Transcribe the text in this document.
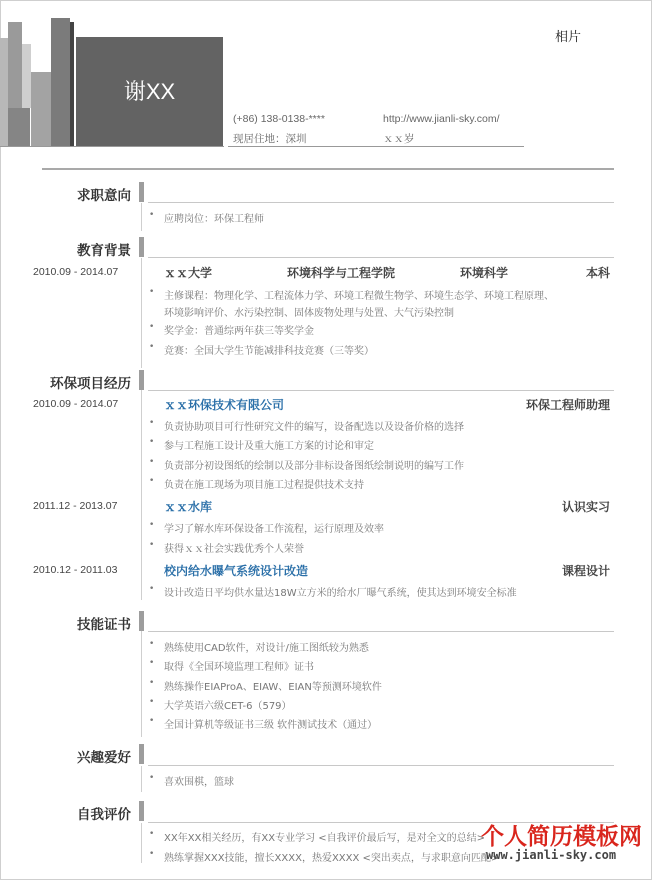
谢XX
(+86) 138-0138-****	http://www.jianli-sky.com/
现居住地：深圳	ｘｘ岁
相片
求职意向
• 应聘岗位：环保工程师
教育背景
2010.09 - 2014.07	ｘｘ大学	环境科学与工程学院	环境科学	本科
• 主修课程：物理化学、工程流体力学、环境工程微生物学、环境生态学、环境工程原理、
环境影响评价、水污染控制、固体废物处理与处置、大气污染控制
• 奖学金：普通综两年获三等奖学金
• 竞赛：全国大学生节能减排科技竞赛（三等奖）
环保项目经历
2010.09 - 2014.07	ｘｘ环保技术有限公司	环保工程师助理
• 负责协助项目可行性研究文件的编写，设备配选以及设备价格的选择
• 参与工程施工设计及重大施工方案的讨论和审定
• 负责部分初设图纸的绘制以及部分非标设备图纸绘制说明的编写工作
• 负责在施工现场为项目施工过程提供技术支持
2011.12 - 2013.07	ｘｘ水库	认识实习
• 学习了解水库环保设备工作流程，运行原理及效率
• 获得ｘｘ社会实践优秀个人荣誉
2010.12 - 2011.03	校内给水曝气系统设计改造	课程设计
• 设计改造日平均供水量达18W立方米的给水厂曝气系统，使其达到环境安全标准
技能证书
• 熟练使用CAD软件，对设计/施工图纸较为熟悉
• 取得《全国环境监理工程师》证书
• 熟练操作EIAProA、EIAW、EIAN等预测环境软件
• 大学英语六级CET-6（579）
• 全国计算机等级证书三级 软件测试技术（通过）
兴趣爱好
• 喜欢围棋，篮球
自我评价
• XX年XX相关经历，有XX专业学习 <自我评价最后写，是对全文的总结>
• 熟练掌握XXX技能，擅长XXXX，热爱XXXX <突出卖点，与求职意向匹配>
个人简历模板网
www.jianli-sky.com
